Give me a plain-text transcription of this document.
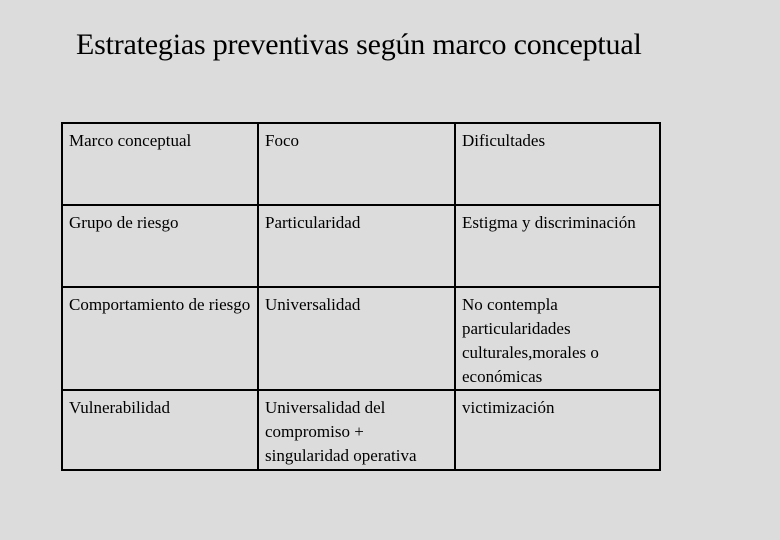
Estrategias preventivas según marco conceptual
Marco conceptual	Foco	Dificultades
Grupo de riesgo	Particularidad	Estigma y discriminación
Comportamiento de riesgo	Universalidad	No contempla particularidades culturales,morales o económicas
Vulnerabilidad	Universalidad del compromiso + singularidad operativa	victimización
